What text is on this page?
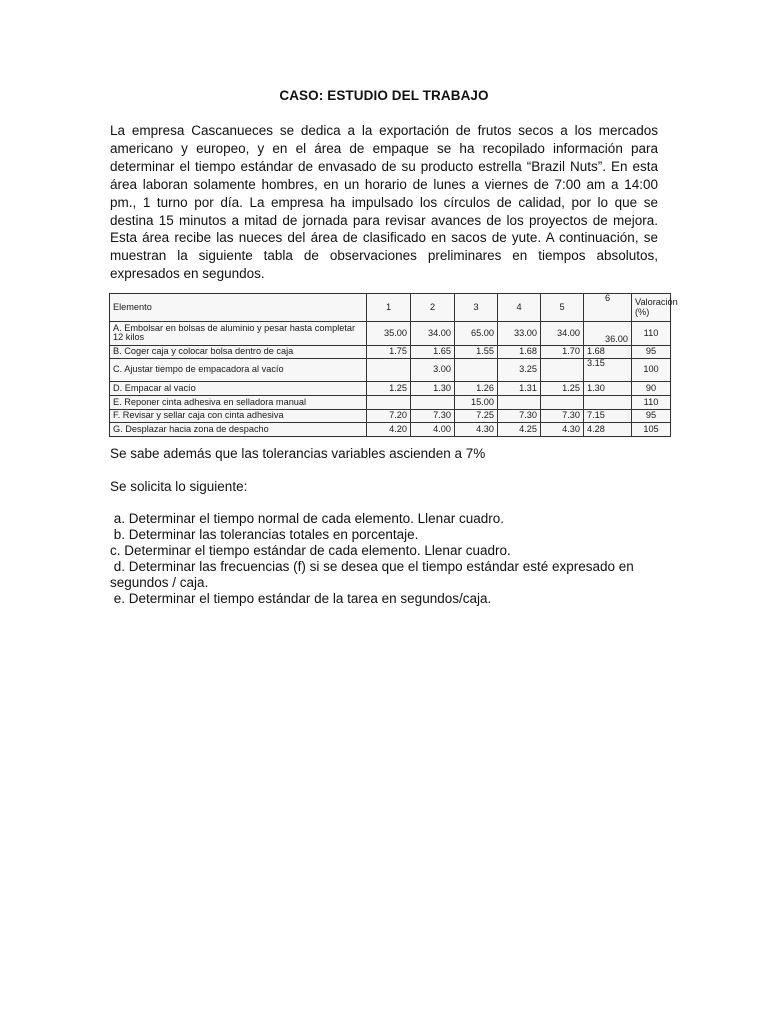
CASO: ESTUDIO DEL TRABAJO

La empresa Cascanueces se dedica a la exportación de frutos secos a los mercados americano y europeo, y en el área de empaque se ha recopilado información para determinar el tiempo estándar de envasado de su producto estrella “Brazil Nuts”. En esta área laboran solamente hombres, en un horario de lunes a viernes de 7:00 am a 14:00 pm., 1 turno por día. La empresa ha impulsado los círculos de calidad, por lo que se destina 15 minutos a mitad de jornada para revisar avances de los proyectos de mejora. Esta área recibe las nueces del área de clasificado en sacos de yute. A continuación, se muestran la siguiente tabla de observaciones preliminares en tiempos absolutos, expresados en segundos.

Elemento	1	2	3	4	5	6	Valoración (%)
A. Embolsar en bolsas de aluminio y pesar hasta completar 12 kilos	35.00	34.00	65.00	33.00	34.00	36.00	110
B. Coger caja y colocar bolsa dentro de caja	1.75	1.65	1.55	1.68	1.70	1.68	95
C. Ajustar tiempo de empacadora al vacío		3.00		3.25		3.15	100
D. Empacar al vacío	1.25	1.30	1.26	1.31	1.25	1.30	90
E. Reponer cinta adhesiva en selladora manual			15.00				110
F. Revisar y sellar caja con cinta adhesiva	7.20	7.30	7.25	7.30	7.30	7.15	95
G. Desplazar hacia zona de despacho	4.20	4.00	4.30	4.25	4.30	4.28	105

Se sabe además que las tolerancias variables ascienden a 7%

Se solicita lo siguiente:

a. Determinar el tiempo normal de cada elemento. Llenar cuadro.
b. Determinar las tolerancias totales en porcentaje.
c. Determinar el tiempo estándar de cada elemento. Llenar cuadro.
d. Determinar las frecuencias (f) si se desea que el tiempo estándar esté expresado en segundos / caja.
e. Determinar el tiempo estándar de la tarea en segundos/caja.
